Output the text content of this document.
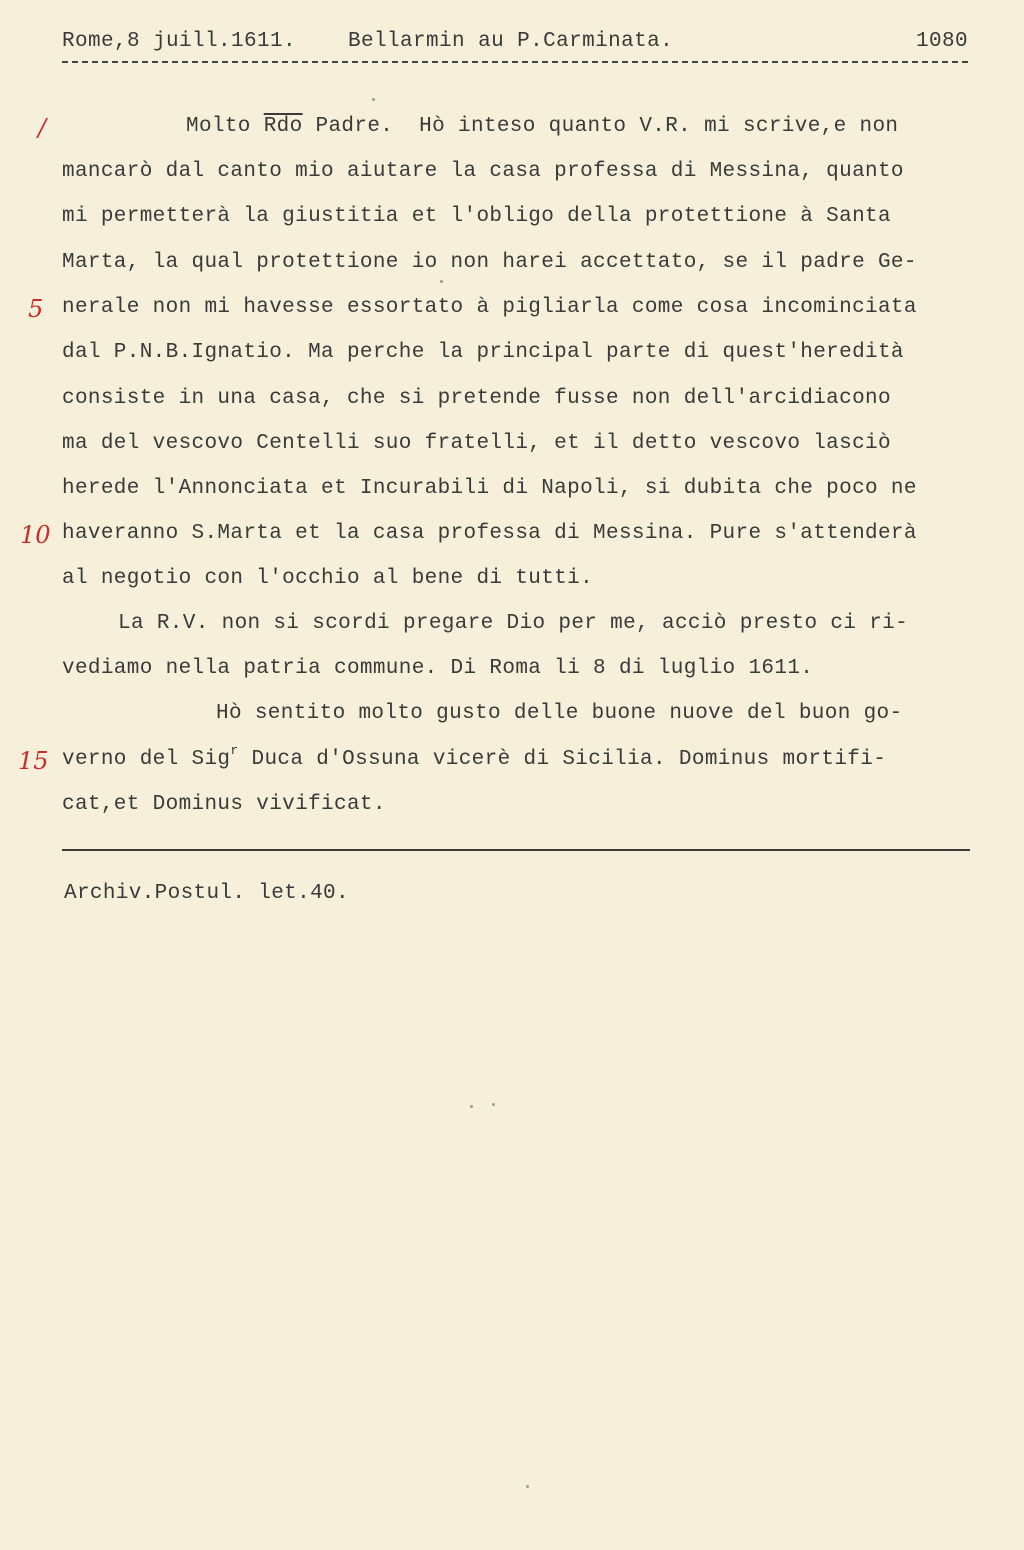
Rome,8 juill.1611.    Bellarmin au P.Carminata.	1080
/
5
10
15
Molto $\overline{Rdo}$ Padre.  Hò inteso quanto V.R. mi scrive,e non
mancarò dal canto mio aiutare la casa professa di Messina, quanto
mi permetterà la giustitia et l'obligo della protettione à Santa
Marta, la qual protettione io non harei accettato, se il padre Ge-
nerale non mi havesse essortato à pigliarla come cosa incominciata
dal P.N.B.Ignatio. Ma perche la principal parte di quest'heredità
consiste in una casa, che si pretende fusse non dell'arcidiacono
ma del vescovo Centelli suo fratelli, et il detto vescovo lasciò
herede l'Annonciata et Incurabili di Napoli, si dubita che poco ne
haveranno S.Marta et la casa professa di Messina. Pure s'attenderà
al negotio con l'occhio al bene di tutti.
La R.V. non si scordi pregare Dio per me, acciò presto ci ri-
vediamo nella patria commune. Di Roma li 8 di luglio 1611.
Hò sentito molto gusto delle buone nuove del buon go-
verno del Sig$^r$ Duca d'Ossuna vicerè di Sicilia. Dominus mortifi-
cat,et Dominus vivificat.
Archiv.Postul. let.40.
